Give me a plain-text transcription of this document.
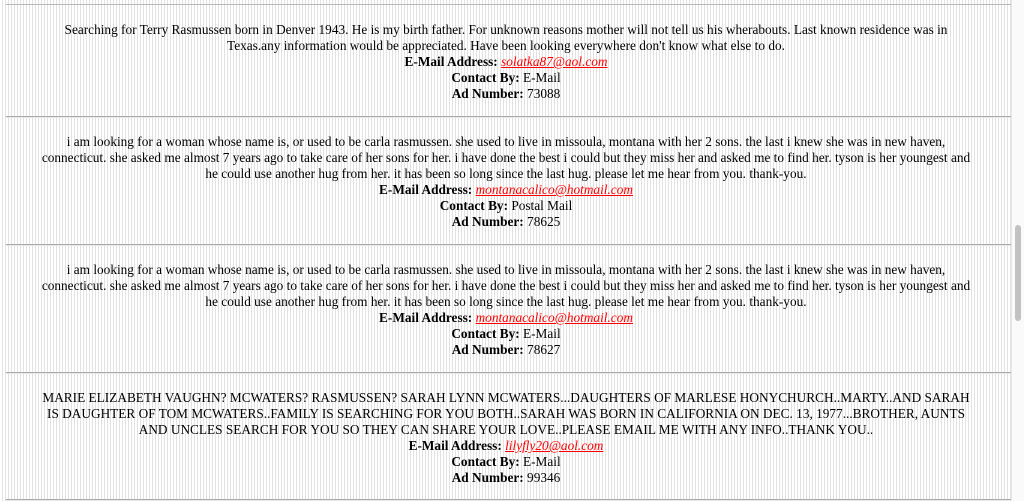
Searching for Terry Rasmussen born in Denver 1943. He is my birth father. For unknown reasons mother will not tell us his wherabouts. Last known residence was in
Texas.any information would be appreciated. Have been looking everywhere don't know what else to do.
E-Mail Address: solatka87@aol.com
Contact By: E-Mail
Ad Number: 73088
i am looking for a woman whose name is, or used to be carla rasmussen. she used to live in missoula, montana with her 2 sons. the last i knew she was in new haven,
connecticut. she asked me almost 7 years ago to take care of her sons for her. i have done the best i could but they miss her and asked me to find her. tyson is her youngest and
he could use another hug from her. it has been so long since the last hug. please let me hear from you. thank-you.
E-Mail Address: montanacalico@hotmail.com
Contact By: Postal Mail
Ad Number: 78625
i am looking for a woman whose name is, or used to be carla rasmussen. she used to live in missoula, montana with her 2 sons. the last i knew she was in new haven,
connecticut. she asked me almost 7 years ago to take care of her sons for her. i have done the best i could but they miss her and asked me to find her. tyson is her youngest and
he could use another hug from her. it has been so long since the last hug. please let me hear from you. thank-you.
E-Mail Address: montanacalico@hotmail.com
Contact By: E-Mail
Ad Number: 78627
MARIE ELIZABETH VAUGHN? MCWATERS? RASMUSSEN? SARAH LYNN MCWATERS...DAUGHTERS OF MARLESE HONYCHURCH..MARTY..AND SARAH
IS DAUGHTER OF TOM MCWATERS..FAMILY IS SEARCHING FOR YOU BOTH..SARAH WAS BORN IN CALIFORNIA ON DEC. 13, 1977...BROTHER, AUNTS
AND UNCLES SEARCH FOR YOU SO THEY CAN SHARE YOUR LOVE..PLEASE EMAIL ME WITH ANY INFO..THANK YOU..
E-Mail Address: lilyfly20@aol.com
Contact By: E-Mail
Ad Number: 99346
